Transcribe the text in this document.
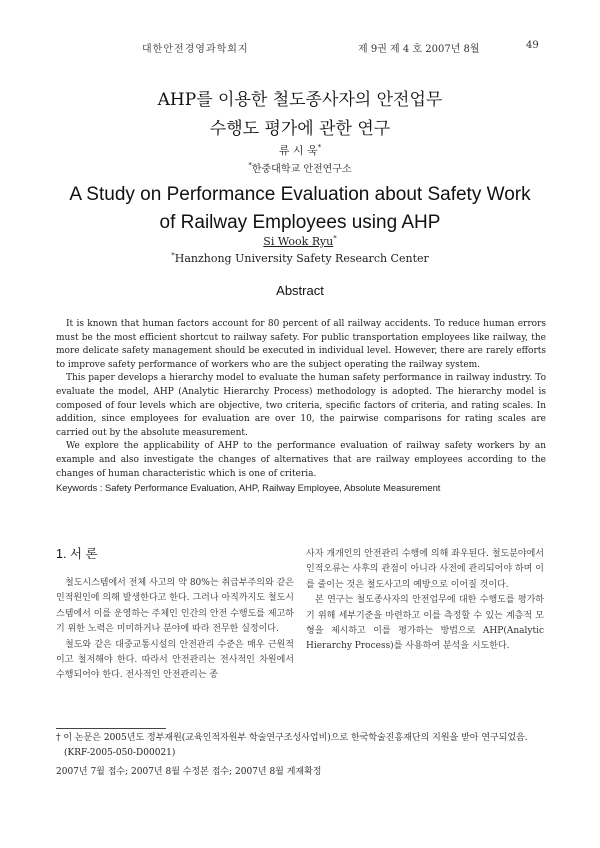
대한안전경영과학회지	제 9권 제 4 호 2007년 8월	49
AHP를 이용한 철도종사자의 안전업무
수행도 평가에 관한 연구
류 시 욱*
*한중대학교 안전연구소
A Study on Performance Evaluation about Safety Work
of Railway Employees using AHP
Si Wook Ryu*
*Hanzhong University Safety Research Center
Abstract

It is known that human factors account for 80 percent of all railway accidents. To reduce human errors must be the most efficient shortcut to railway safety. For public transportation employees like railway, the more delicate safety management should be executed in individual level. However, there are rarely efforts to improve safety performance of workers who are the subject operating the railway system.

This paper develops a hierarchy model to evaluate the human safety performance in railway industry. To evaluate the model, AHP (Analytic Hierarchy Process) methodology is adopted. The hierarchy model is composed of four levels which are objective, two criteria, specific factors of criteria, and rating scales. In addition, since employees for evaluation are over 10, the pairwise comparisons for rating scales are carried out by the absolute measurement.

We explore the applicability of AHP to the performance evaluation of railway safety workers by an example and also investigate the changes of alternatives that are railway employees according to the changes of human characteristic which is one of criteria.

Keywords : Safety Performance Evaluation, AHP, Railway Employee, Absolute Measurement

1. 서 론

철도시스템에서 전체 사고의 약 80%는 취급부주의와 같은 인적원인에 의해 발생한다고 한다. 그러나 아직까지도 철도시스템에서 이를 운영하는 주체인 인간의 안전 수행도를 제고하기 위한 노력은 미미하거나 분야에 따라 전무한 실정이다.

철도와 같은 대중교통시설의 안전관리 수준은 매우 근원적이고 철저해야 한다. 따라서 안전관리는 전사적인 차원에서 수행되어야 한다. 전사적인 안전관리는 종

사자 개개인의 안전관리 수행에 의해 좌우된다. 철도분야에서 인적오류는 사후의 관점이 아니라 사전에 관리되어야 하며 이를 줄이는 것은 철도사고의 예방으로 이어질 것이다.

본 연구는 철도종사자의 안전업무에 대한 수행도를 평가하기 위해 세부기준을 마련하고 이를 측정할 수 있는 계층적 모형을 제시하고 이를 평가하는 방법으로 AHP(Analytic Hierarchy Process)를 사용하여 분석을 시도한다.

† 이 논문은 2005년도 정부재원(교육인적자원부 학술연구조성사업비)으로 한국학술진흥재단의 지원을 받아 연구되었음. (KRF-2005-050-D00021)

2007년 7월 접수; 2007년 8월 수정본 접수; 2007년 8월 게재확정
